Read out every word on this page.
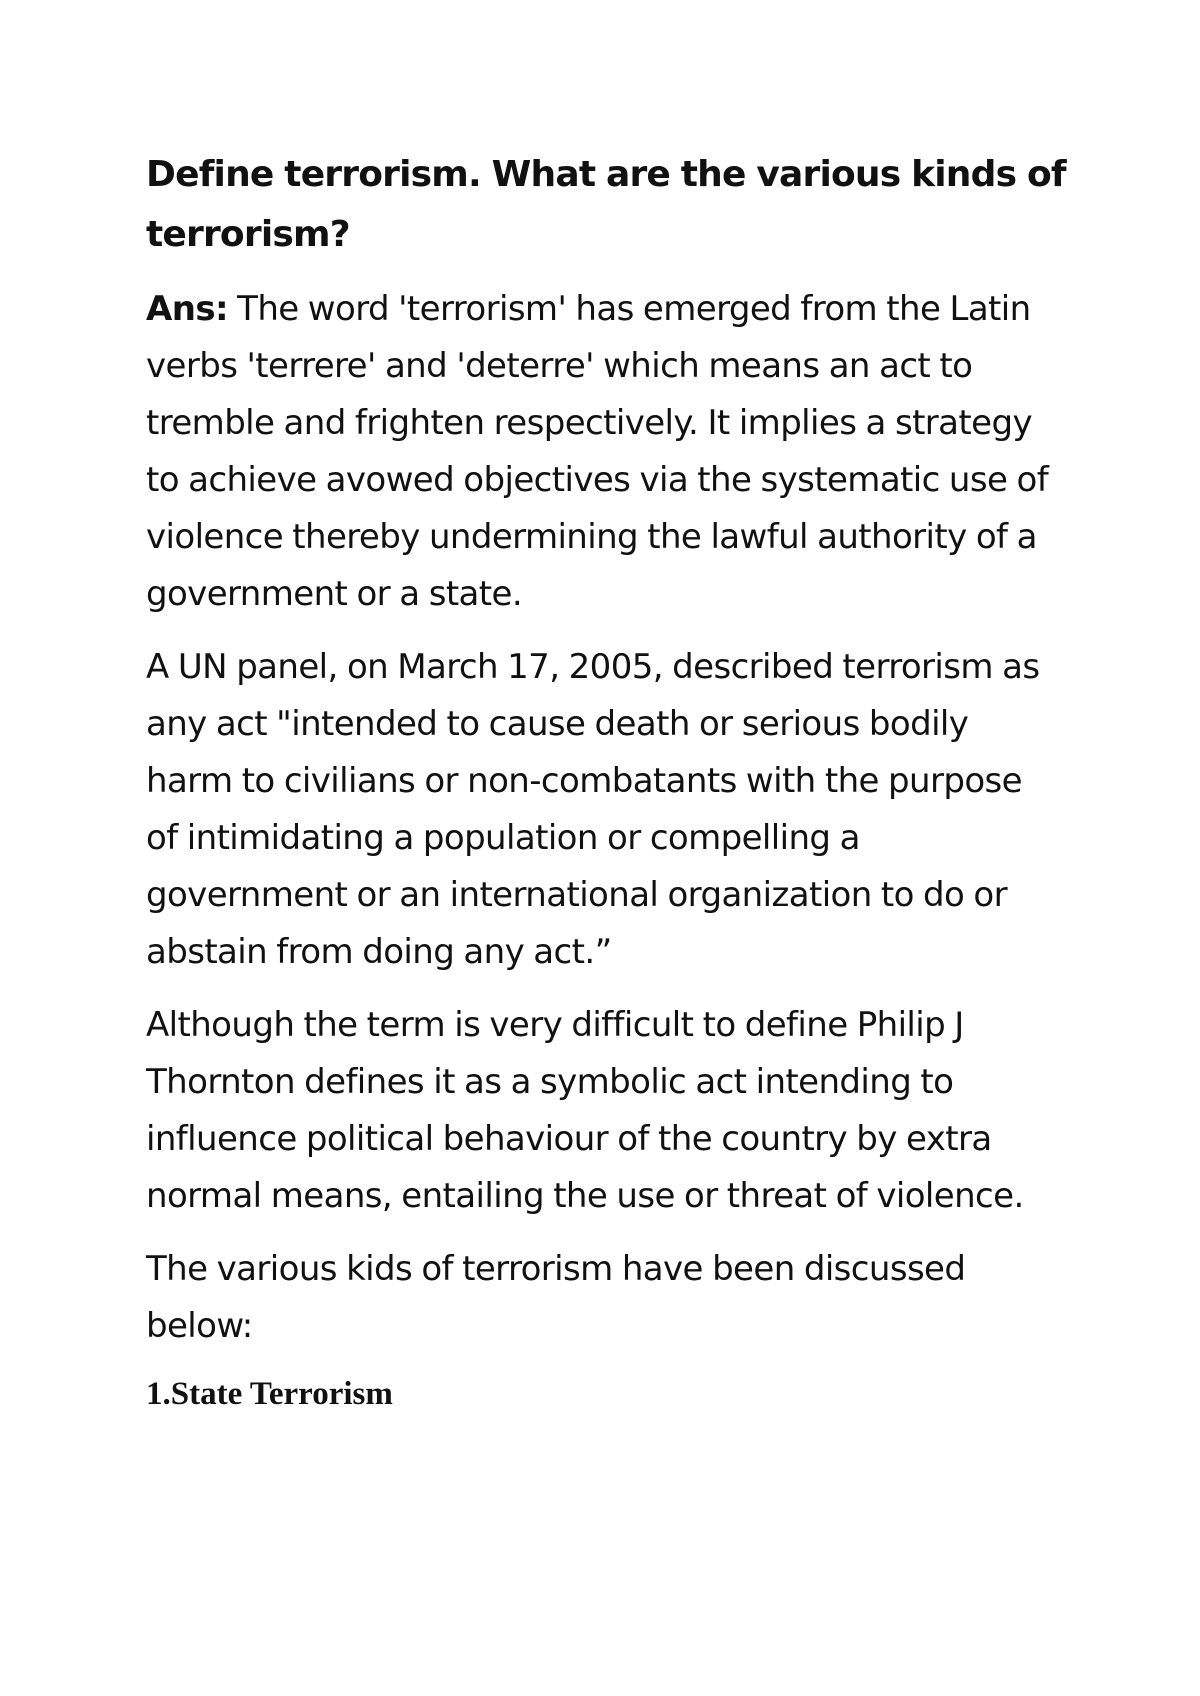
Define terrorism. What are the various kinds of
terrorism?

Ans: The word 'terrorism' has emerged from the Latin
verbs 'terrere' and 'deterre' which means an act to
tremble and frighten respectively. It implies a strategy
to achieve avowed objectives via the systematic use of
violence thereby undermining the lawful authority of a
government or a state.

A UN panel, on March 17, 2005, described terrorism as
any act "intended to cause death or serious bodily
harm to civilians or non-combatants with the purpose
of intimidating a population or compelling a
government or an international organization to do or
abstain from doing any act.”

Although the term is very difficult to define Philip J
Thornton defines it as a symbolic act intending to
influence political behaviour of the country by extra
normal means, entailing the use or threat of violence.

The various kids of terrorism have been discussed
below:

1.State Terrorism
